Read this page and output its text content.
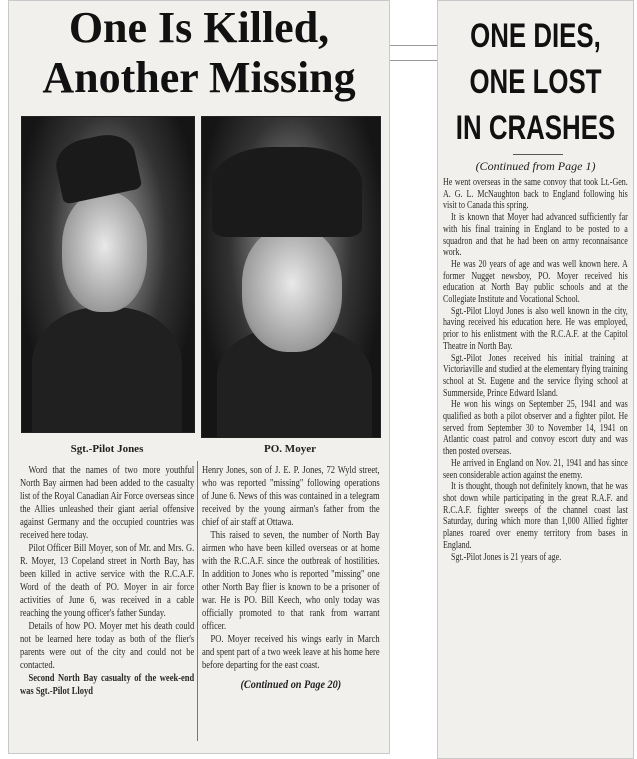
One Is Killed,
Another Missing
Sgt.-Pilot Jones	PO. Moyer

Word that the names of two more youthful North Bay airmen had been added to the casualty list of the Royal Canadian Air Force overseas since the Allies unleashed their giant aerial offensive against Germany and the occupied countries was received here today.

Pilot Officer Bill Moyer, son of Mr. and Mrs. G. R. Moyer, 13 Copeland street in North Bay, has been killed in active service with the R.C.A.F. Word of the death of PO. Moyer in air force activities of June 6, was received in a cable reaching the young officer's father Sunday.

Details of how PO. Moyer met his death could not be learned here today as both of the flier's parents were out of the city and could not be contacted.

Second North Bay casualty of the week-end was Sgt.-Pilot Lloyd

Henry Jones, son of J. E. P. Jones, 72 Wyld street, who was reported "missing" following operations of June 6. News of this was contained in a telegram received by the young airman's father from the chief of air staff at Ottawa.

This raised to seven, the number of North Bay airmen who have been killed overseas or at home with the R.C.A.F. since the outbreak of hostilities. In addition to Jones who is reported "missing" one other North Bay flier is known to be a prisoner of war. He is PO. Bill Keech, who only today was officially promoted to that rank from warrant officer.

PO. Moyer received his wings early in March and spent part of a two week leave at his home here before departing for the east coast.

(Continued on Page 20)
ONE DIES,
ONE LOST
IN CRASHES
(Continued from Page 1)

He went overseas in the same convoy that took Lt.-Gen. A. G. L. McNaughton back to England following his visit to Canada this spring.

It is known that Moyer had advanced sufficiently far with his final training in England to be posted to a squadron and that he had been on army reconnaisance work.

He was 20 years of age and was well known here. A former Nugget newsboy, PO. Moyer received his education at North Bay public schools and at the Collegiate Institute and Vocational School.

Sgt.-Pilot Lloyd Jones is also well known in the city, having received his education here. He was employed, prior to his enlistment with the R.C.A.F. at the Capitol Theatre in North Bay.

Sgt.-Pilot Jones received his initial training at Victoriaville and studied at the elementary flying training school at St. Eugene and the service flying school at Summerside, Prince Edward Island.

He won his wings on September 25, 1941 and was qualified as both a pilot observer and a fighter pilot. He served from September 30 to November 14, 1941 on Atlantic coast patrol and convoy escort duty and was then posted overseas.

He arrived in England on Nov. 21, 1941 and has since seen considerable action against the enemy.

It is thought, though not definitely known, that he was shot down while participating in the great R.A.F. and R.C.A.F. fighter sweeps of the channel coast last Saturday, during which more than 1,000 Allied fighter planes roared over enemy territory from bases in England.

Sgt.-Pilot Jones is 21 years of age.
